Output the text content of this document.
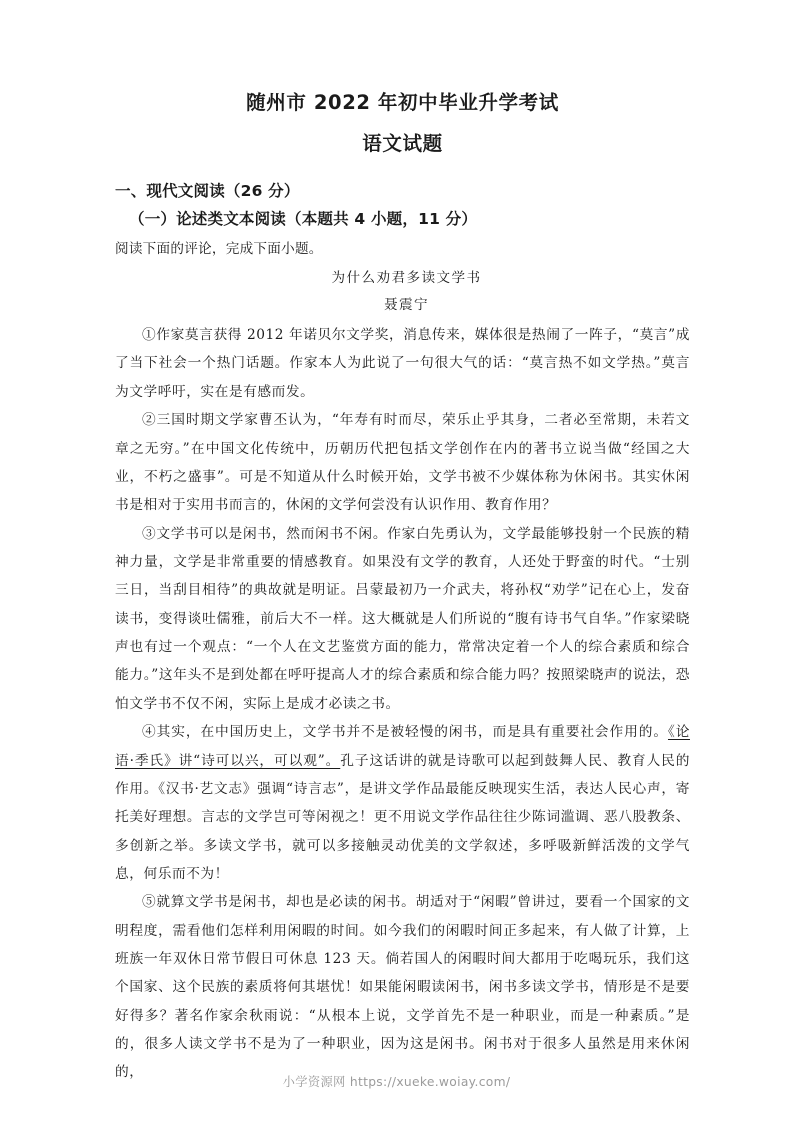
随州市 2022 年初中毕业升学考试
语文试题
一、现代文阅读（26 分）
（一）论述类文本阅读（本题共 4 小题，11 分）
阅读下面的评论，完成下面小题。
为什么劝君多读文学书
聂震宁

①作家莫言获得 2012 年诺贝尔文学奖，消息传来，媒体很是热闹了一阵子，“莫言”成了当下社会一个热门话题。作家本人为此说了一句很大气的话：“莫言热不如文学热。”莫言为文学呼吁，实在是有感而发。

②三国时期文学家曹丕认为，“年寿有时而尽，荣乐止乎其身，二者必至常期，未若文章之无穷。”在中国文化传统中，历朝历代把包括文学创作在内的著书立说当做“经国之大业，不朽之盛事”。可是不知道从什么时候开始，文学书被不少媒体称为休闲书。其实休闲书是相对于实用书而言的，休闲的文学何尝没有认识作用、教育作用？

③文学书可以是闲书，然而闲书不闲。作家白先勇认为，文学最能够投射一个民族的精神力量，文学是非常重要的情感教育。如果没有文学的教育，人还处于野蛮的时代。“士别三日，当刮目相待”的典故就是明证。吕蒙最初乃一介武夫，将孙权“劝学”记在心上，发奋读书，变得谈吐儒雅，前后大不一样。这大概就是人们所说的“腹有诗书气自华。”作家梁晓声也有过一个观点：“一个人在文艺鉴赏方面的能力，常常决定着一个人的综合素质和综合能力。”这年头不是到处都在呼吁提高人才的综合素质和综合能力吗？按照梁晓声的说法，恐怕文学书不仅不闲，实际上是成才必读之书。

④其实，在中国历史上，文学书并不是被轻慢的闲书，而是具有重要社会作用的。《论语·季氏》讲“诗可以兴，可以观”。孔子这话讲的就是诗歌可以起到鼓舞人民、教育人民的作用。《汉书·艺文志》强调“诗言志”，是讲文学作品最能反映现实生活，表达人民心声，寄托美好理想。言志的文学岂可等闲视之！更不用说文学作品往往少陈词滥调、恶八股教条、多创新之举。多读文学书，就可以多接触灵动优美的文学叙述，多呼吸新鲜活泼的文学气息，何乐而不为！

⑤就算文学书是闲书，却也是必读的闲书。胡适对于“闲暇”曾讲过，要看一个国家的文明程度，需看他们怎样利用闲暇的时间。如今我们的闲暇时间正多起来，有人做了计算，上班族一年双休日常节假日可休息 123 天。倘若国人的闲暇时间大都用于吃喝玩乐，我们这个国家、这个民族的素质将何其堪忧！如果能闲暇读闲书，闲书多读文学书，情形是不是要好得多？著名作家余秋雨说：“从根本上说，文学首先不是一种职业，而是一种素质。”是的，很多人读文学书不是为了一种职业，因为这是闲书。闲书对于很多人虽然是用来休闲的，

小学资源网 https://xueke.woiay.com/
